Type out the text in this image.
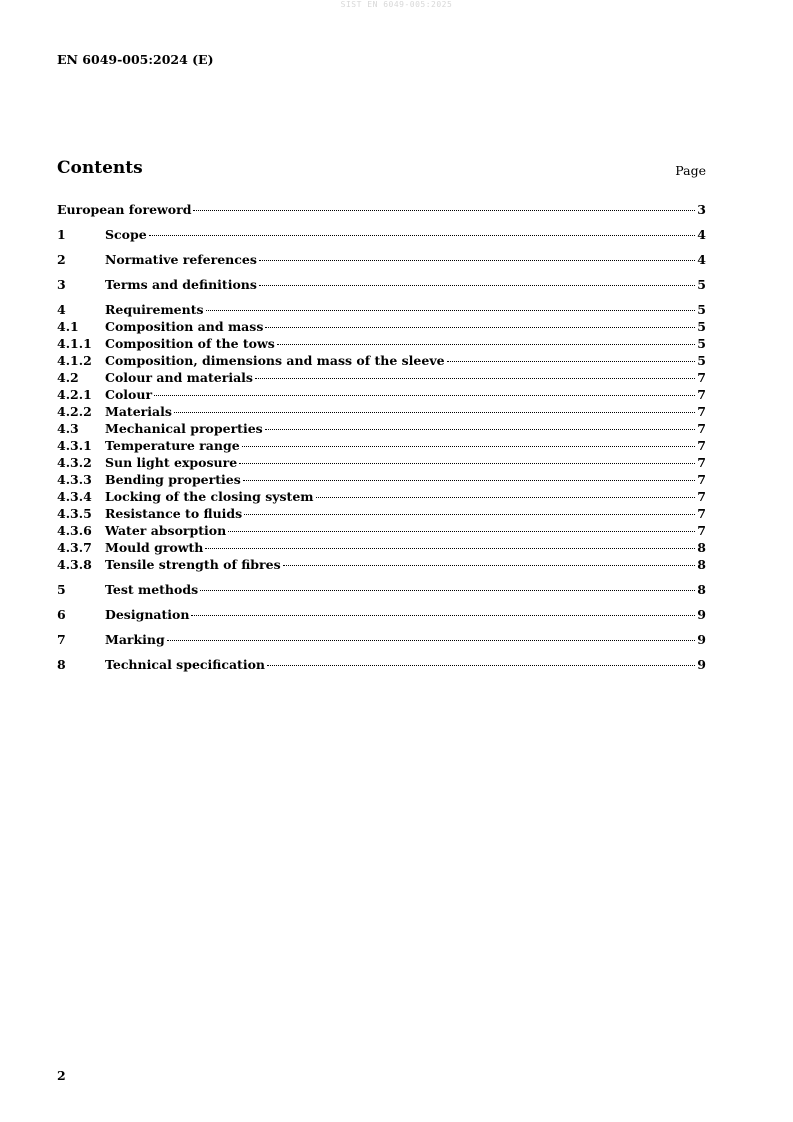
SIST EN 6049-005:2025
EN 6049-005:2024 (E)
Contents	Page
European foreword	3
1	Scope	4
2	Normative references	4
3	Terms and definitions	5
4	Requirements	5
4.1	Composition and mass	5
4.1.1	Composition of the tows	5
4.1.2	Composition, dimensions and mass of the sleeve	5
4.2	Colour and materials	7
4.2.1	Colour	7
4.2.2	Materials	7
4.3	Mechanical properties	7
4.3.1	Temperature range	7
4.3.2	Sun light exposure	7
4.3.3	Bending properties	7
4.3.4	Locking of the closing system	7
4.3.5	Resistance to fluids	7
4.3.6	Water absorption	7
4.3.7	Mould growth	8
4.3.8	Tensile strength of fibres	8
5	Test methods	8
6	Designation	9
7	Marking	9
8	Technical specification	9
2
